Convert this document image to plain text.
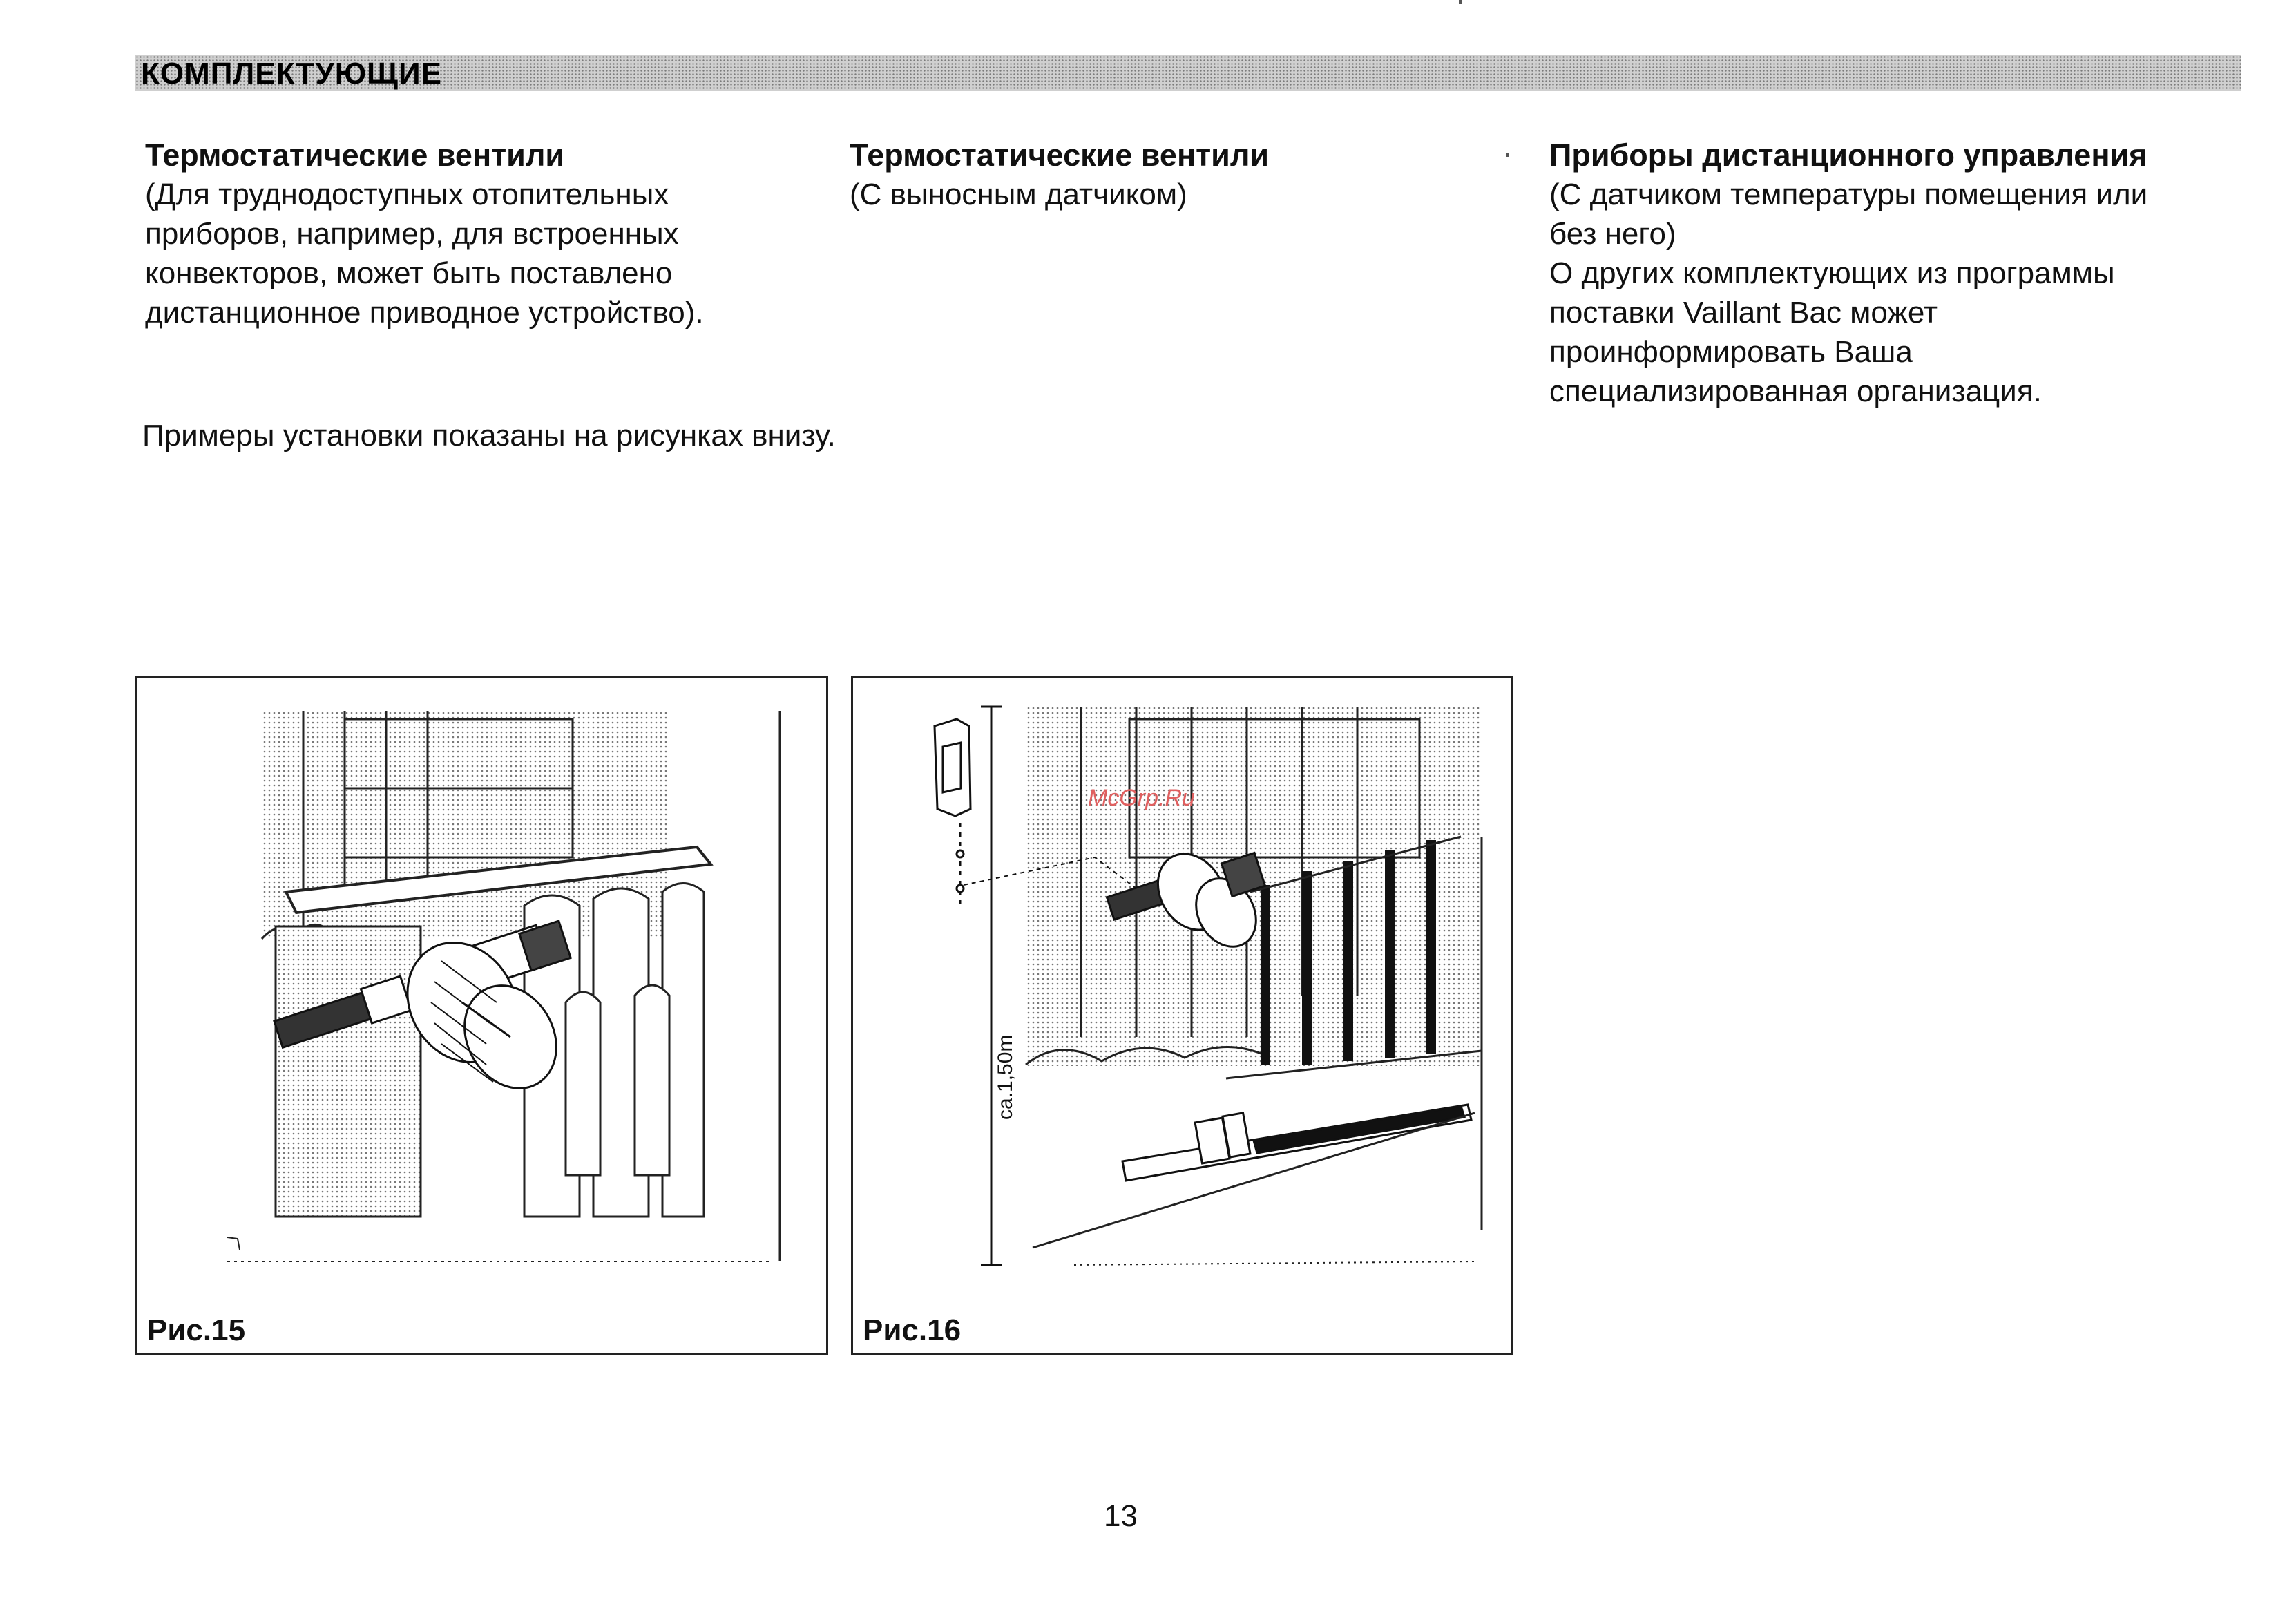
КОМПЛЕКТУЮЩИЕ
Термостатические вентили

(Для труднодоступных отопительных

приборов, например, для встроенных

конвекторов, может быть поставлено

дистанционное приводное устройство).

Термостатические вентили

(С выносным датчиком)

Приборы дистанционного управления

(С датчиком температуры помещения или

без него)

О других комплектующих из программы

поставки Vaillant Вас может

проинформировать Ваша

специализированная организация.

Примеры установки показаны на рисунках внизу.
Рис.15
ca.1,50m
McGrp.Ru
Рис.16
13
